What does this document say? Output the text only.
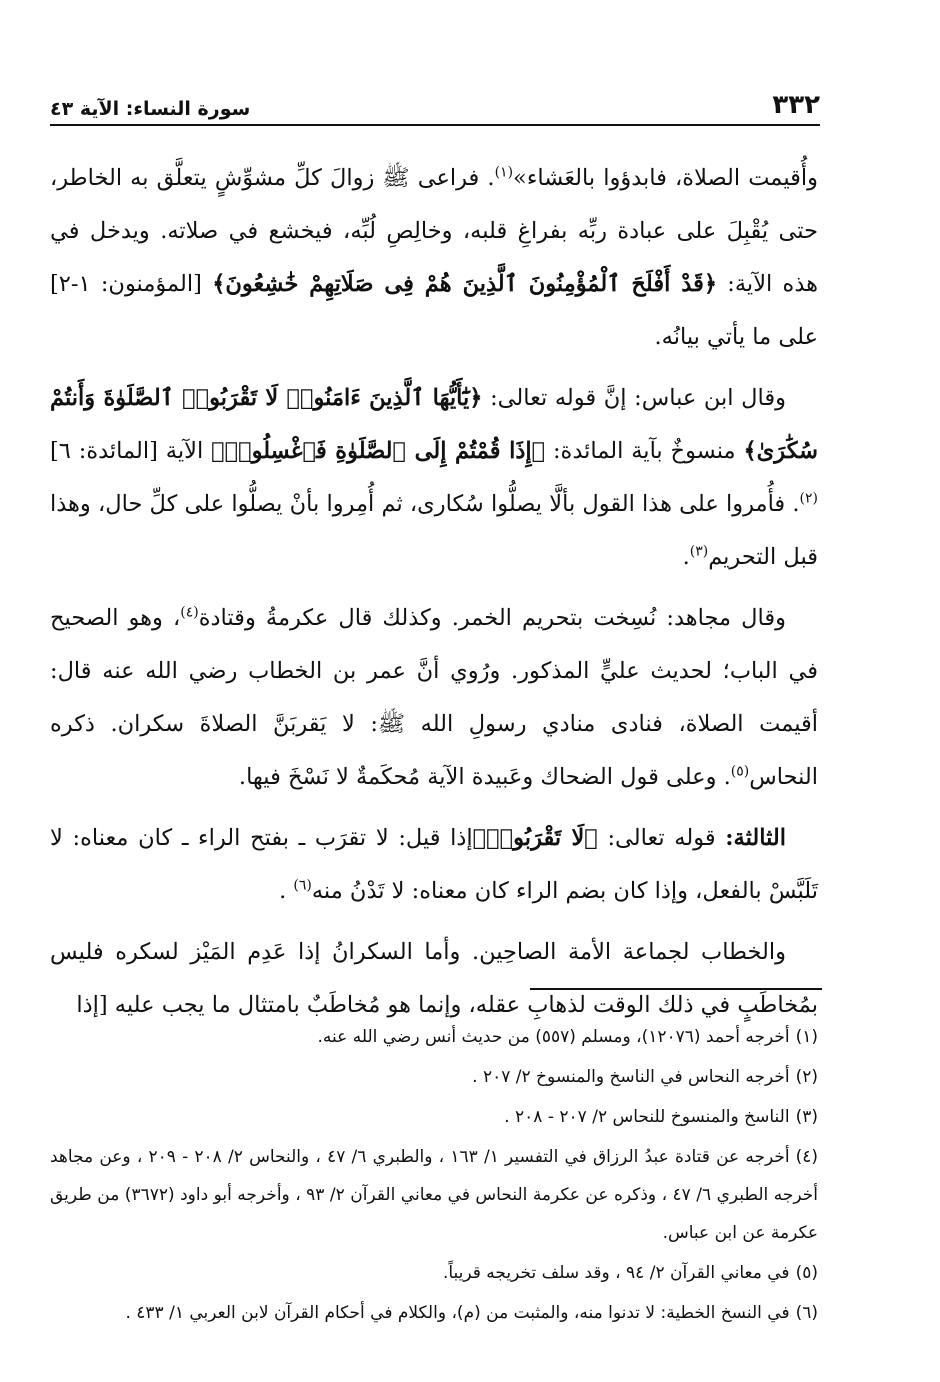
٣٣٢
سورة النساء: الآية ٤٣

وأُقيمت الصلاة، فابدؤوا بالعَشاء»$^{(١)}$. فراعى ﷺ زوالَ كلِّ مشوِّشٍ يتعلَّق به الخاطر، حتى يُقْبِلَ على عبادة ربِّه بفراغِ قلبه، وخالِصِ لُبِّه، فيخشع في صلاته. ويدخل في هذه الآية: ﴿قَدْ أَفْلَحَ ٱلْمُؤْمِنُونَ ٱلَّذِينَ هُمْ فِى صَلَاتِهِمْ خَٰشِعُونَ﴾ [المؤمنون: ١-٢] على ما يأتي بيانُه.

وقال ابن عباس: إنَّ قوله تعالى: ﴿يَٰٓأَيُّهَا ٱلَّذِينَ ءَامَنُوا۟ لَا تَقْرَبُوا۟ ٱلصَّلَوٰةَ وَأَنتُمْ سُكَٰرَىٰ﴾ منسوخٌ بآية المائدة: ﴿إِذَا قُمْتُمْ إِلَى ٱلصَّلَوٰةِ فَٱغْسِلُوا۟﴾ الآية [المائدة: ٦]$^{(٢)}$. فأُمروا على هذا القول بألَّا يصلُّوا سُكارى، ثم أُمِروا بأنْ يصلُّوا على كلِّ حال، وهذا قبل التحريم$^{(٣)}$.

وقال مجاهد: نُسِخت بتحريم الخمر. وكذلك قال عكرمةُ وقتادة$^{(٤)}$، وهو الصحيح في الباب؛ لحديث عليٍّ المذكور. ورُوي أنَّ عمر بن الخطاب رضي الله عنه قال: أقيمت الصلاة، فنادى منادي رسولِ الله ﷺ: لا يَقربَنَّ الصلاةَ سكران. ذكره النحاس$^{(٥)}$. وعلى قول الضحاك وعَبيدة الآية مُحكَمةٌ لا نَسْخَ فيها.

الثالثة: قوله تعالى: ﴿لَا تَقْرَبُوا۟﴾إذا قيل: لا تقرَب ـ بفتح الراء ـ كان معناه: لا تَلَبَّسْ بالفعل، وإذا كان بضم الراء كان معناه: لا تَدْنُ منه$^{(٦)}$ .

والخطاب لجماعة الأمة الصاحِين. وأما السكرانُ إذا عَدِم المَيْز لسكره فليس بمُخاطَبٍ في ذلك الوقت لذهابِ عقله، وإنما هو مُخاطَبٌ بامتثال ما يجب عليه [إذا

(١)أخرجه أحمد (١٢٠٧٦)، ومسلم (٥٥٧) من حديث أنس رضي الله عنه.

(٢)أخرجه النحاس في الناسخ والمنسوخ ٢/ ٢٠٧ .

(٣)الناسخ والمنسوخ للنحاس ٢/ ٢٠٧ - ٢٠٨ .

(٤)أخرجه عن قتادة عبدُ الرزاق في التفسير ١/ ١٦٣ ، والطبري ٦/ ٤٧ ، والنحاس ٢/ ٢٠٨ - ٢٠٩ ، وعن مجاهد أخرجه الطبري ٦/ ٤٧ ، وذكره عن عكرمة النحاس في معاني القرآن ٢/ ٩٣ ، وأخرجه أبو داود (٣٦٧٢) من طريق عكرمة عن ابن عباس.

(٥)في معاني القرآن ٢/ ٩٤ ، وقد سلف تخريجه قريباً.

(٦)في النسخ الخطية: لا تدنوا منه، والمثبت من (م)، والكلام في أحكام القرآن لابن العربي ١/ ٤٣٣ .
